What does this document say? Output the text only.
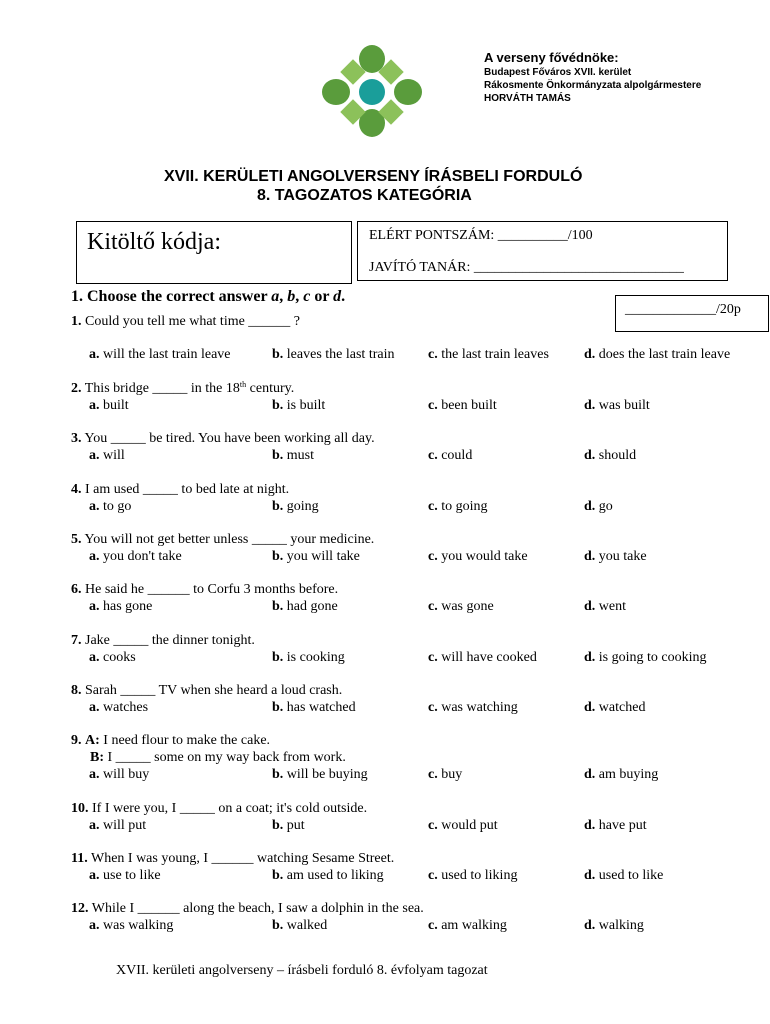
A verseny fővédnöke:
Budapest Főváros XVII. kerület
Rákosmente Önkormányzata alpolgármestere
HORVÁTH TAMÁS
XVII. KERÜLETI ANGOLVERSENY ÍRÁSBELI FORDULÓ
8. TAGOZATOS KATEGÓRIA
Kitöltő kódja:	ELÉRT PONTSZÁM: __________/100
JAVÍTÓ TANÁR: ______________________________
1. Choose the correct answer a, b, c or d.
_____________/20p
1. Could you tell me what time ______ ?
a. will the last train leave	b. leaves the last train c. the last train leaves	d. does the last train leave
2. This bridge _____ in the 18th century.
a. built	b. is built	c. been built	d. was built
3. You _____ be tired. You have been working all day.
a. will	b. must	c. could	d. should
4. I am used _____ to bed late at night.
a. to go	b. going	c. to going	d. go
5. You will not get better unless _____ your medicine.
a. you don't take	b. you will take	c. you would take	d. you take
6. He said he ______ to Corfu 3 months before.
a. has gone	b. had gone	c. was gone	d. went
7. Jake _____ the dinner tonight.
a. cooks	b. is cooking	c. will have cooked	d. is going to cooking
8. Sarah _____ TV when she heard a loud crash.
a. watches	b. has watched	c. was watching	d. watched
9. A: I need flour to make the cake.
B: I _____ some on my way back from work.
a. will buy	b. will be buying	c. buy	d. am buying
10. If I were you, I _____ on a coat; it's cold outside.
a. will put	b. put	c. would put	d. have put
11. When I was young, I ______ watching Sesame Street.
a. use to like	b. am used to liking	c. used to liking	d. used to like
12. While I ______ along the beach, I saw a dolphin in the sea.
a. was walking	b. walked	c. am walking	d. walking
XVII. kerületi angolverseny – írásbeli forduló 8. évfolyam tagozat
